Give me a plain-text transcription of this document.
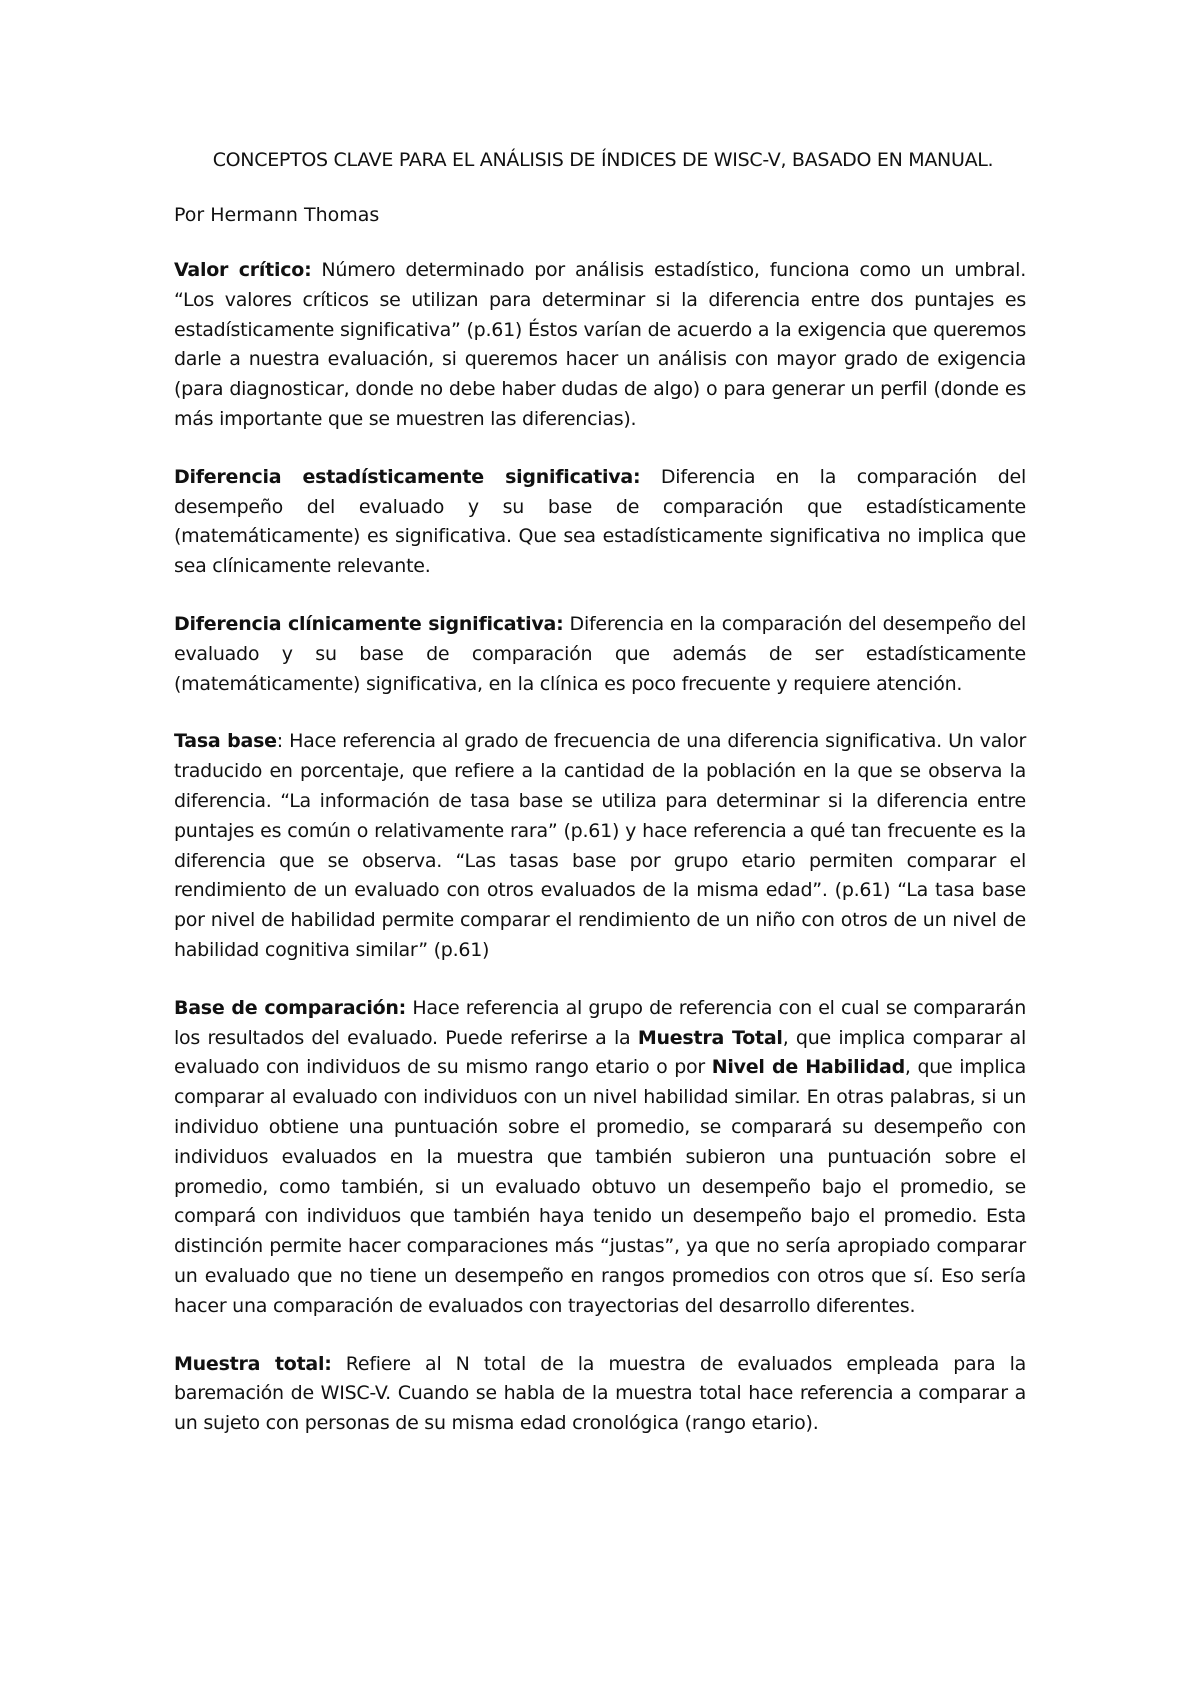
CONCEPTOS CLAVE PARA EL ANÁLISIS DE ÍNDICES DE WISC-V, BASADO EN MANUAL.

Por Hermann Thomas

Valor crítico: Número determinado por análisis estadístico, funciona como un umbral. “Los valores críticos se utilizan para determinar si la diferencia entre dos puntajes es estadísticamente significativa” (p.61) Éstos varían de acuerdo a la exigencia que queremos darle a nuestra evaluación, si queremos hacer un análisis con mayor grado de exigencia (para diagnosticar, donde no debe haber dudas de algo) o para generar un perfil (donde es más importante que se muestren las diferencias).

Diferencia estadísticamente significativa: Diferencia en la comparación del desempeño del evaluado y su base de comparación que estadísticamente (matemáticamente) es significativa. Que sea estadísticamente significativa no implica que sea clínicamente relevante.

Diferencia clínicamente significativa: Diferencia en la comparación del desempeño del evaluado y su base de comparación que además de ser estadísticamente (matemáticamente) significativa, en la clínica es poco frecuente y requiere atención.

Tasa base: Hace referencia al grado de frecuencia de una diferencia significativa. Un valor traducido en porcentaje, que refiere a la cantidad de la población en la que se observa la diferencia. “La información de tasa base se utiliza para determinar si la diferencia entre puntajes es común o relativamente rara” (p.61) y hace referencia a qué tan frecuente es la diferencia que se observa. “Las tasas base por grupo etario permiten comparar el rendimiento de un evaluado con otros evaluados de la misma edad”. (p.61) “La tasa base por nivel de habilidad permite comparar el rendimiento de un niño con otros de un nivel de habilidad cognitiva similar” (p.61)

Base de comparación: Hace referencia al grupo de referencia con el cual se compararán los resultados del evaluado. Puede referirse a la Muestra Total, que implica comparar al evaluado con individuos de su mismo rango etario o por Nivel de Habilidad, que implica comparar al evaluado con individuos con un nivel habilidad similar. En otras palabras, si un individuo obtiene una puntuación sobre el promedio, se comparará su desempeño con individuos evaluados en la muestra que también subieron una puntuación sobre el promedio, como también, si un evaluado obtuvo un desempeño bajo el promedio, se compará con individuos que también haya tenido un desempeño bajo el promedio. Esta distinción permite hacer comparaciones más “justas”, ya que no sería apropiado comparar un evaluado que no tiene un desempeño en rangos promedios con otros que sí. Eso sería hacer una comparación de evaluados con trayectorias del desarrollo diferentes.

Muestra total: Refiere al N total de la muestra de evaluados empleada para la baremación de WISC-V. Cuando se habla de la muestra total hace referencia a comparar a un sujeto con personas de su misma edad cronológica (rango etario).
